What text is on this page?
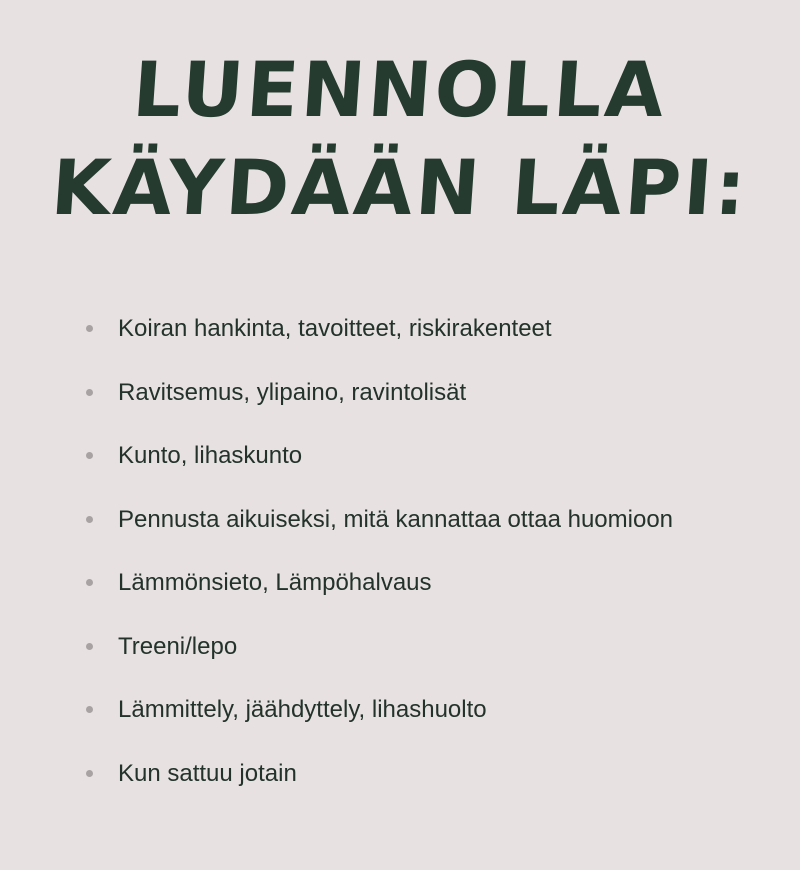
LUENNOLLA
KÄYDÄÄN LÄPI:
Koiran hankinta, tavoitteet, riskirakenteet
Ravitsemus, ylipaino, ravintolisät
Kunto, lihaskunto
Pennusta aikuiseksi, mitä kannattaa ottaa huomioon
Lämmönsieto, Lämpöhalvaus
Treeni/lepo
Lämmittely, jäähdyttely, lihashuolto
Kun sattuu jotain
